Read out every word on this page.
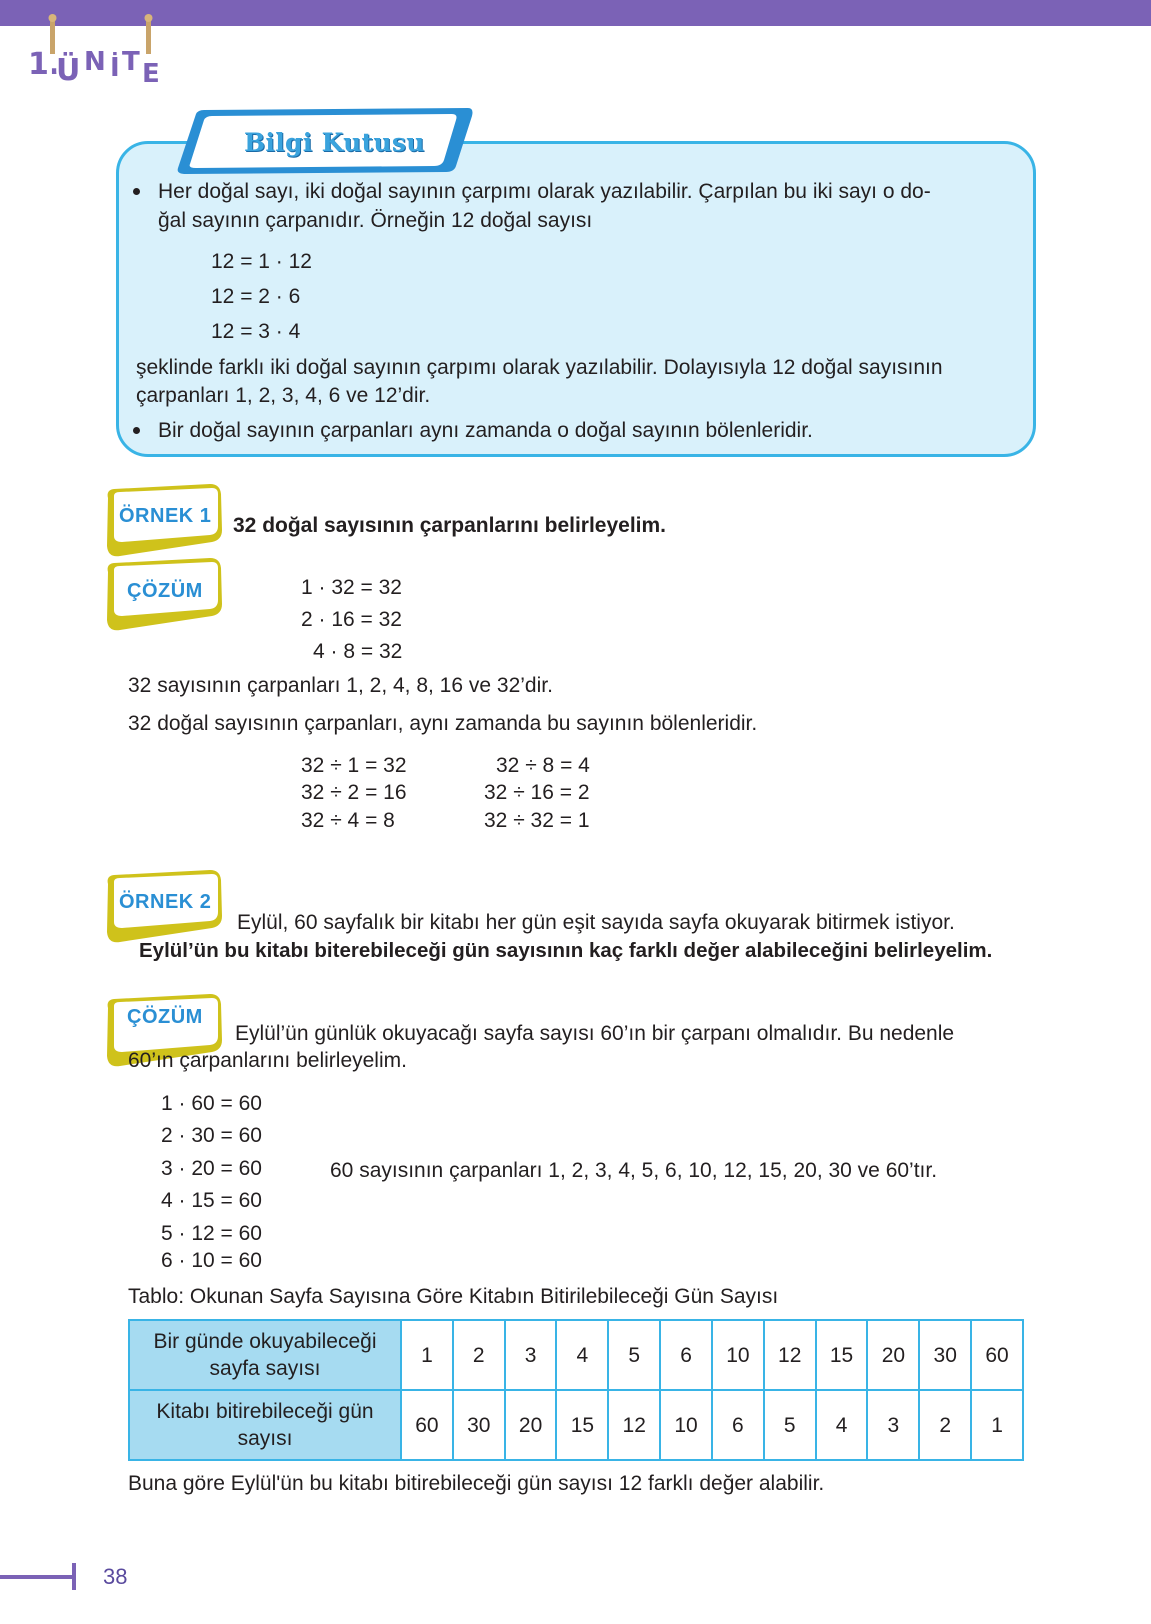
1.
Ü N İ T E
Bilgi Kutusu
Her doğal sayı, iki doğal sayının çarpımı olarak yazılabilir. Çarpılan bu iki sayı o do-
ğal sayının çarpanıdır. Örneğin 12 doğal sayısı
12 = 1 · 12
12 = 2 · 6
12 = 3 · 4
şeklinde farklı iki doğal sayının çarpımı olarak yazılabilir. Dolayısıyla 12 doğal sayısının
çarpanları 1, 2, 3, 4, 6 ve 12’dir.
Bir doğal sayının çarpanları aynı zamanda o doğal sayının bölenleridir.
ÖRNEK 1 32 doğal sayısının çarpanlarını belirleyelim.
ÇÖZÜM	1 · 32 = 32
2 · 16 = 32
4 · 8 = 32
32 sayısının çarpanları 1, 2, 4, 8, 16 ve 32’dir.
32 doğal sayısının çarpanları, aynı zamanda bu sayının bölenleridir.
32 ÷ 1 = 32
32 ÷ 2 = 16
32 ÷ 4 = 8
32 ÷ 8 = 4
32 ÷ 16 = 2
32 ÷ 32 = 1
ÖRNEK 2
Eylül, 60 sayfalık bir kitabı her gün eşit sayıda sayfa okuyarak bitirmek istiyor.
Eylül’ün bu kitabı biterebileceği gün sayısının kaç farklı değer alabileceğini belirleyelim.
ÇÖZÜM
Eylül’ün günlük okuyacağı sayfa sayısı 60’ın bir çarpanı olmalıdır. Bu nedenle
60’ın çarpanlarını belirleyelim.
1 · 60 = 60
2 · 30 = 60
3 · 20 = 60
4 · 15 = 60
5 · 12 = 60
6 · 10 = 60
60 sayısının çarpanları 1, 2, 3, 4, 5, 6, 10, 12, 15, 20, 30 ve 60’tır.
Tablo: Okunan Sayfa Sayısına Göre Kitabın Bitirilebileceği Gün Sayısı
Bir günde okuyabileceği
sayfa sayısı	1	2	3	4	5	6	10	12	15	20	30	60

Kitabı bitirebileceği gün
sayısı	60	30	20	15	12	10	6	5	4	3	2	1
Buna göre Eylül'ün bu kitabı bitirebileceği gün sayısı 12 farklı değer alabilir.
38
